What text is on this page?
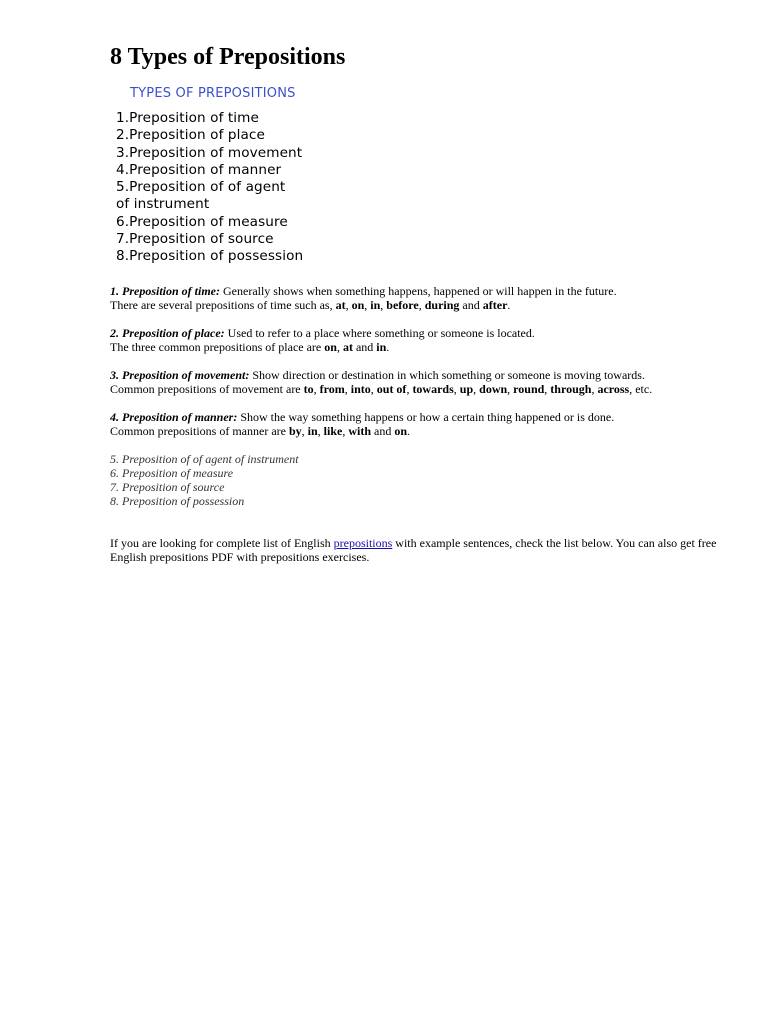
8 Types of Prepositions
TYPES OF PREPOSITIONS
1.Preposition of time
2.Preposition of place
3.Preposition of movement
4.Preposition of manner
5.Preposition of of agent
of instrument
6.Preposition of measure
7.Preposition of source
8.Preposition of possession

1. Preposition of time: Generally shows when something happens, happened or will happen in the future.
There are several prepositions of time such as, at, on, in, before, during and after.

2. Preposition of place: Used to refer to a place where something or someone is located.
The three common prepositions of place are on, at and in.

3. Preposition of movement: Show direction or destination in which something or someone is moving towards.
Common prepositions of movement are to, from, into, out of, towards, up, down, round, through, across, etc.

4. Preposition of manner: Show the way something happens or how a certain thing happened or is done.
Common prepositions of manner are by, in, like, with and on.

5. Preposition of of agent of instrument
6. Preposition of measure
7. Preposition of source
8. Preposition of possession

If you are looking for complete list of English prepositions with example sentences, check the list below. You can also get free English prepositions PDF with prepositions exercises.
